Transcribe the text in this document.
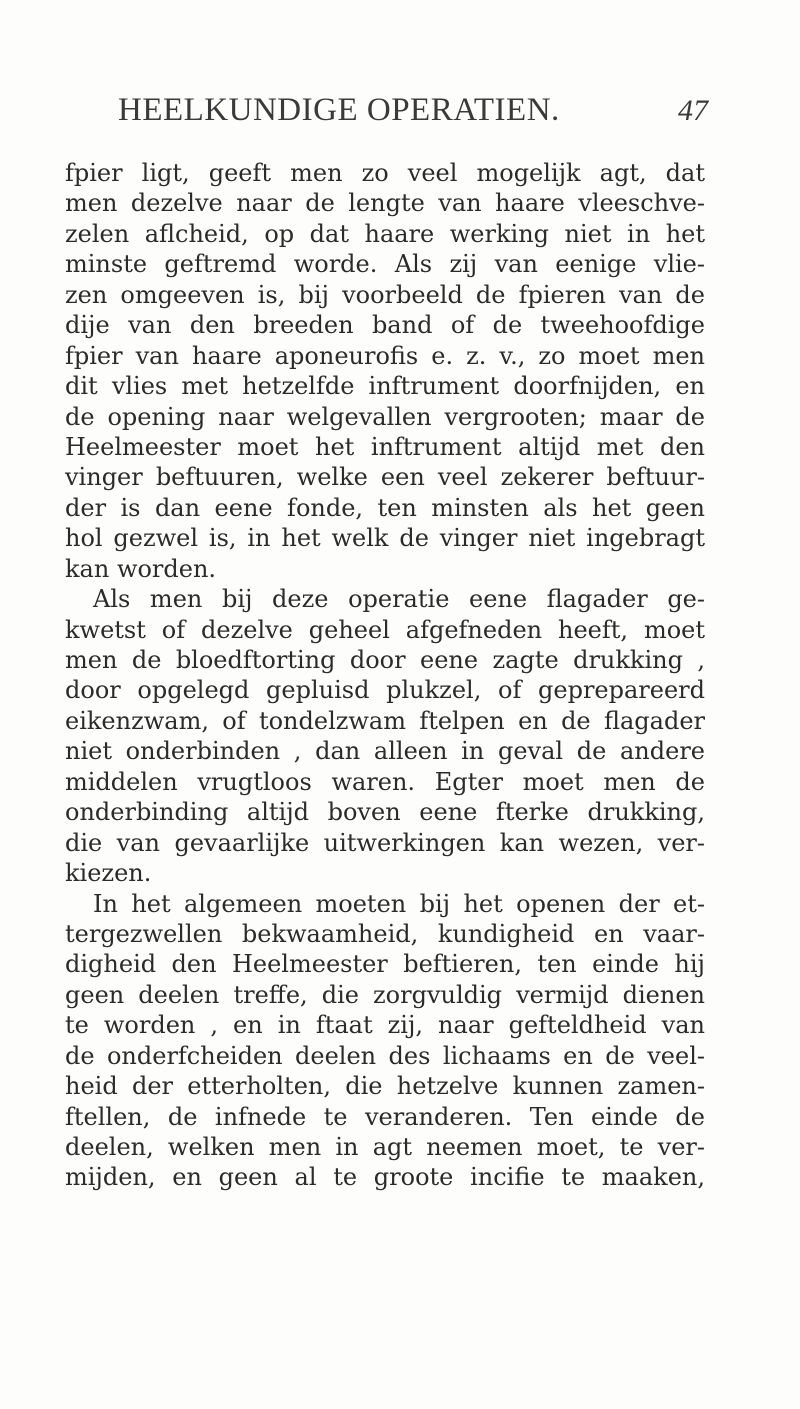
HEELKUNDIGE OPERATIEN.	47
fpier ligt, geeft men zo veel mogelijk agt, dat
men dezelve naar de lengte van haare vleeschve-
zelen aflcheid, op dat haare werking niet in het
minste geftremd worde. Als zij van eenige vlie-
zen omgeeven is, bij voorbeeld de fpieren van de
dije van den breeden band of de tweehoofdige
fpier van haare aponeurofis e. z. v., zo moet men
dit vlies met hetzelfde inftrument doorfnijden, en
de opening naar welgevallen vergrooten; maar de
Heelmeester moet het inftrument altijd met den
vinger beftuuren, welke een veel zekerer beftuur-
der is dan eene fonde, ten minsten als het geen
hol gezwel is, in het welk de vinger niet ingebragt
kan worden.
Als men bij deze operatie eene flagader ge-
kwetst of dezelve geheel afgefneden heeft, moet
men de bloedftorting door eene zagte drukking ,
door opgelegd gepluisd plukzel, of geprepareerd
eikenzwam, of tondelzwam ftelpen en de flagader
niet onderbinden , dan alleen in geval de andere
middelen vrugtloos waren. Egter moet men de
onderbinding altijd boven eene fterke drukking,
die van gevaarlijke uitwerkingen kan wezen, ver-
kiezen.
In het algemeen moeten bij het openen der et-
tergezwellen bekwaamheid, kundigheid en vaar-
digheid den Heelmeester beftieren, ten einde hij
geen deelen treffe, die zorgvuldig vermijd dienen
te worden , en in ftaat zij, naar gefteldheid van
de onderfcheiden deelen des lichaams en de veel-
heid der etterholten, die hetzelve kunnen zamen-
ftellen, de infnede te veranderen. Ten einde de
deelen, welken men in agt neemen moet, te ver-
mijden, en geen al te groote incifie te maaken,
